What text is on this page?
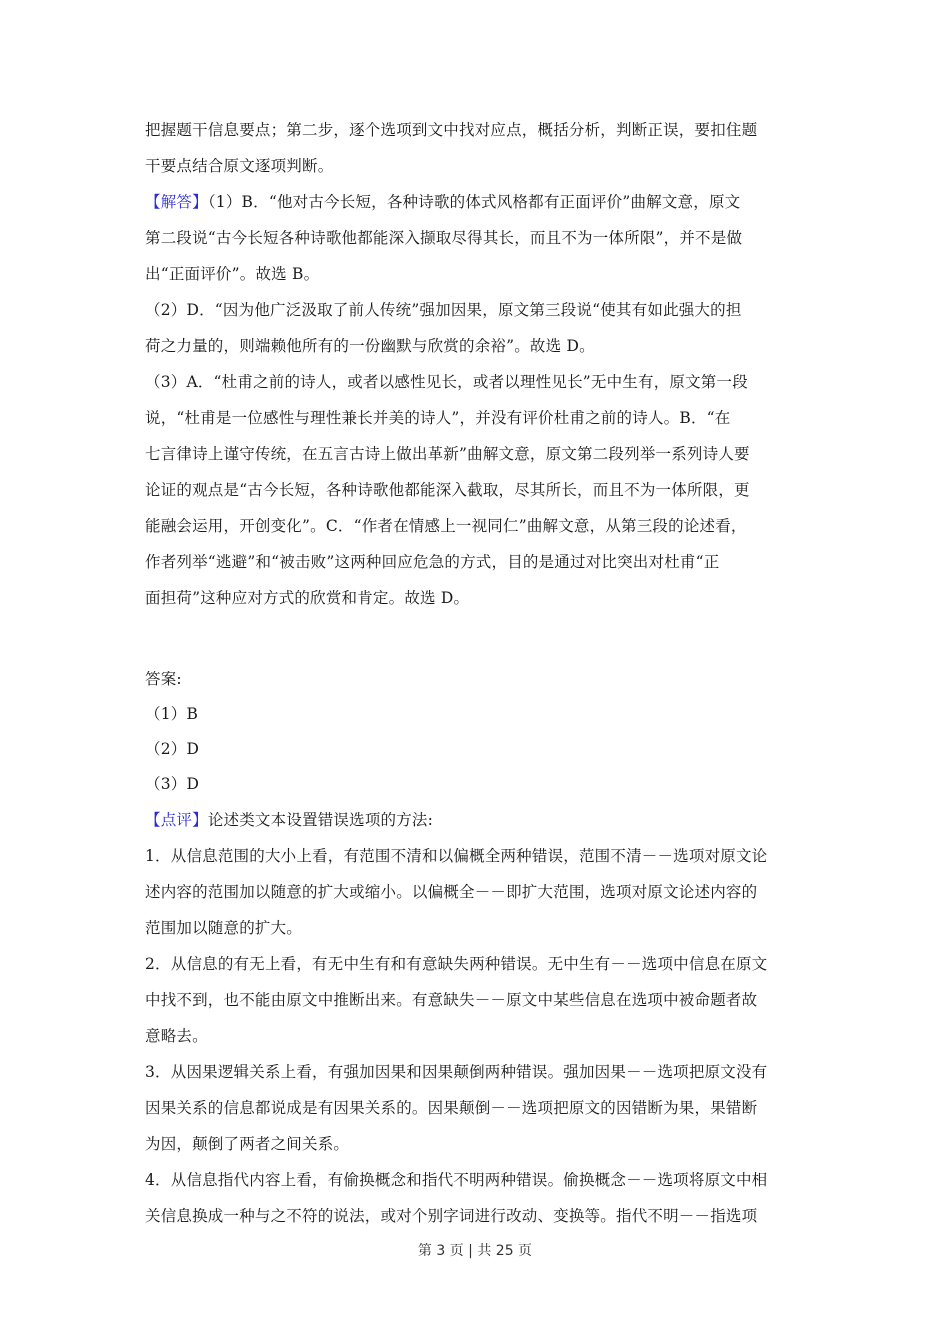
把握题干信息要点；第二步，逐个选项到文中找对应点，概括分析，判断正误，要扣住题
干要点结合原文逐项判断。
【解答】（1）B．“他对古今长短，各种诗歌的体式风格都有正面评价”曲解文意，原文
第二段说“古今长短各种诗歌他都能深入撷取尽得其长，而且不为一体所限”，并不是做
出“正面评价”。故选 B。
（2）D．“因为他广泛汲取了前人传统”强加因果，原文第三段说“使其有如此强大的担
荷之力量的，则端赖他所有的一份幽默与欣赏的余裕”。故选 D。
（3）A．“杜甫之前的诗人，或者以感性见长，或者以理性见长”无中生有，原文第一段
说，“杜甫是一位感性与理性兼长并美的诗人”，并没有评价杜甫之前的诗人。B．“在
七言律诗上谨守传统，在五言古诗上做出革新”曲解文意，原文第二段列举一系列诗人要
论证的观点是“古今长短，各种诗歌他都能深入截取，尽其所长，而且不为一体所限，更
能融会运用，开创变化”。C．“作者在情感上一视同仁”曲解文意，从第三段的论述看，
作者列举“逃避”和“被击败”这两种回应危急的方式，目的是通过对比突出对杜甫“正
面担荷”这种应对方式的欣赏和肯定。故选 D。
答案:
（1）B
（2）D
（3）D
【点评】论述类文本设置错误选项的方法:
1．从信息范围的大小上看，有范围不清和以偏概全两种错误，范围不清－－选项对原文论
述内容的范围加以随意的扩大或缩小。以偏概全－－即扩大范围，选项对原文论述内容的
范围加以随意的扩大。
2．从信息的有无上看，有无中生有和有意缺失两种错误。无中生有－－选项中信息在原文
中找不到，也不能由原文中推断出来。有意缺失－－原文中某些信息在选项中被命题者故
意略去。
3．从因果逻辑关系上看，有强加因果和因果颠倒两种错误。强加因果－－选项把原文没有
因果关系的信息都说成是有因果关系的。因果颠倒－－选项把原文的因错断为果，果错断
为因，颠倒了两者之间关系。
4．从信息指代内容上看，有偷换概念和指代不明两种错误。偷换概念－－选项将原文中相
关信息换成一种与之不符的说法，或对个别字词进行改动、变换等。指代不明－－指选项
第 3 页 | 共 25 页
